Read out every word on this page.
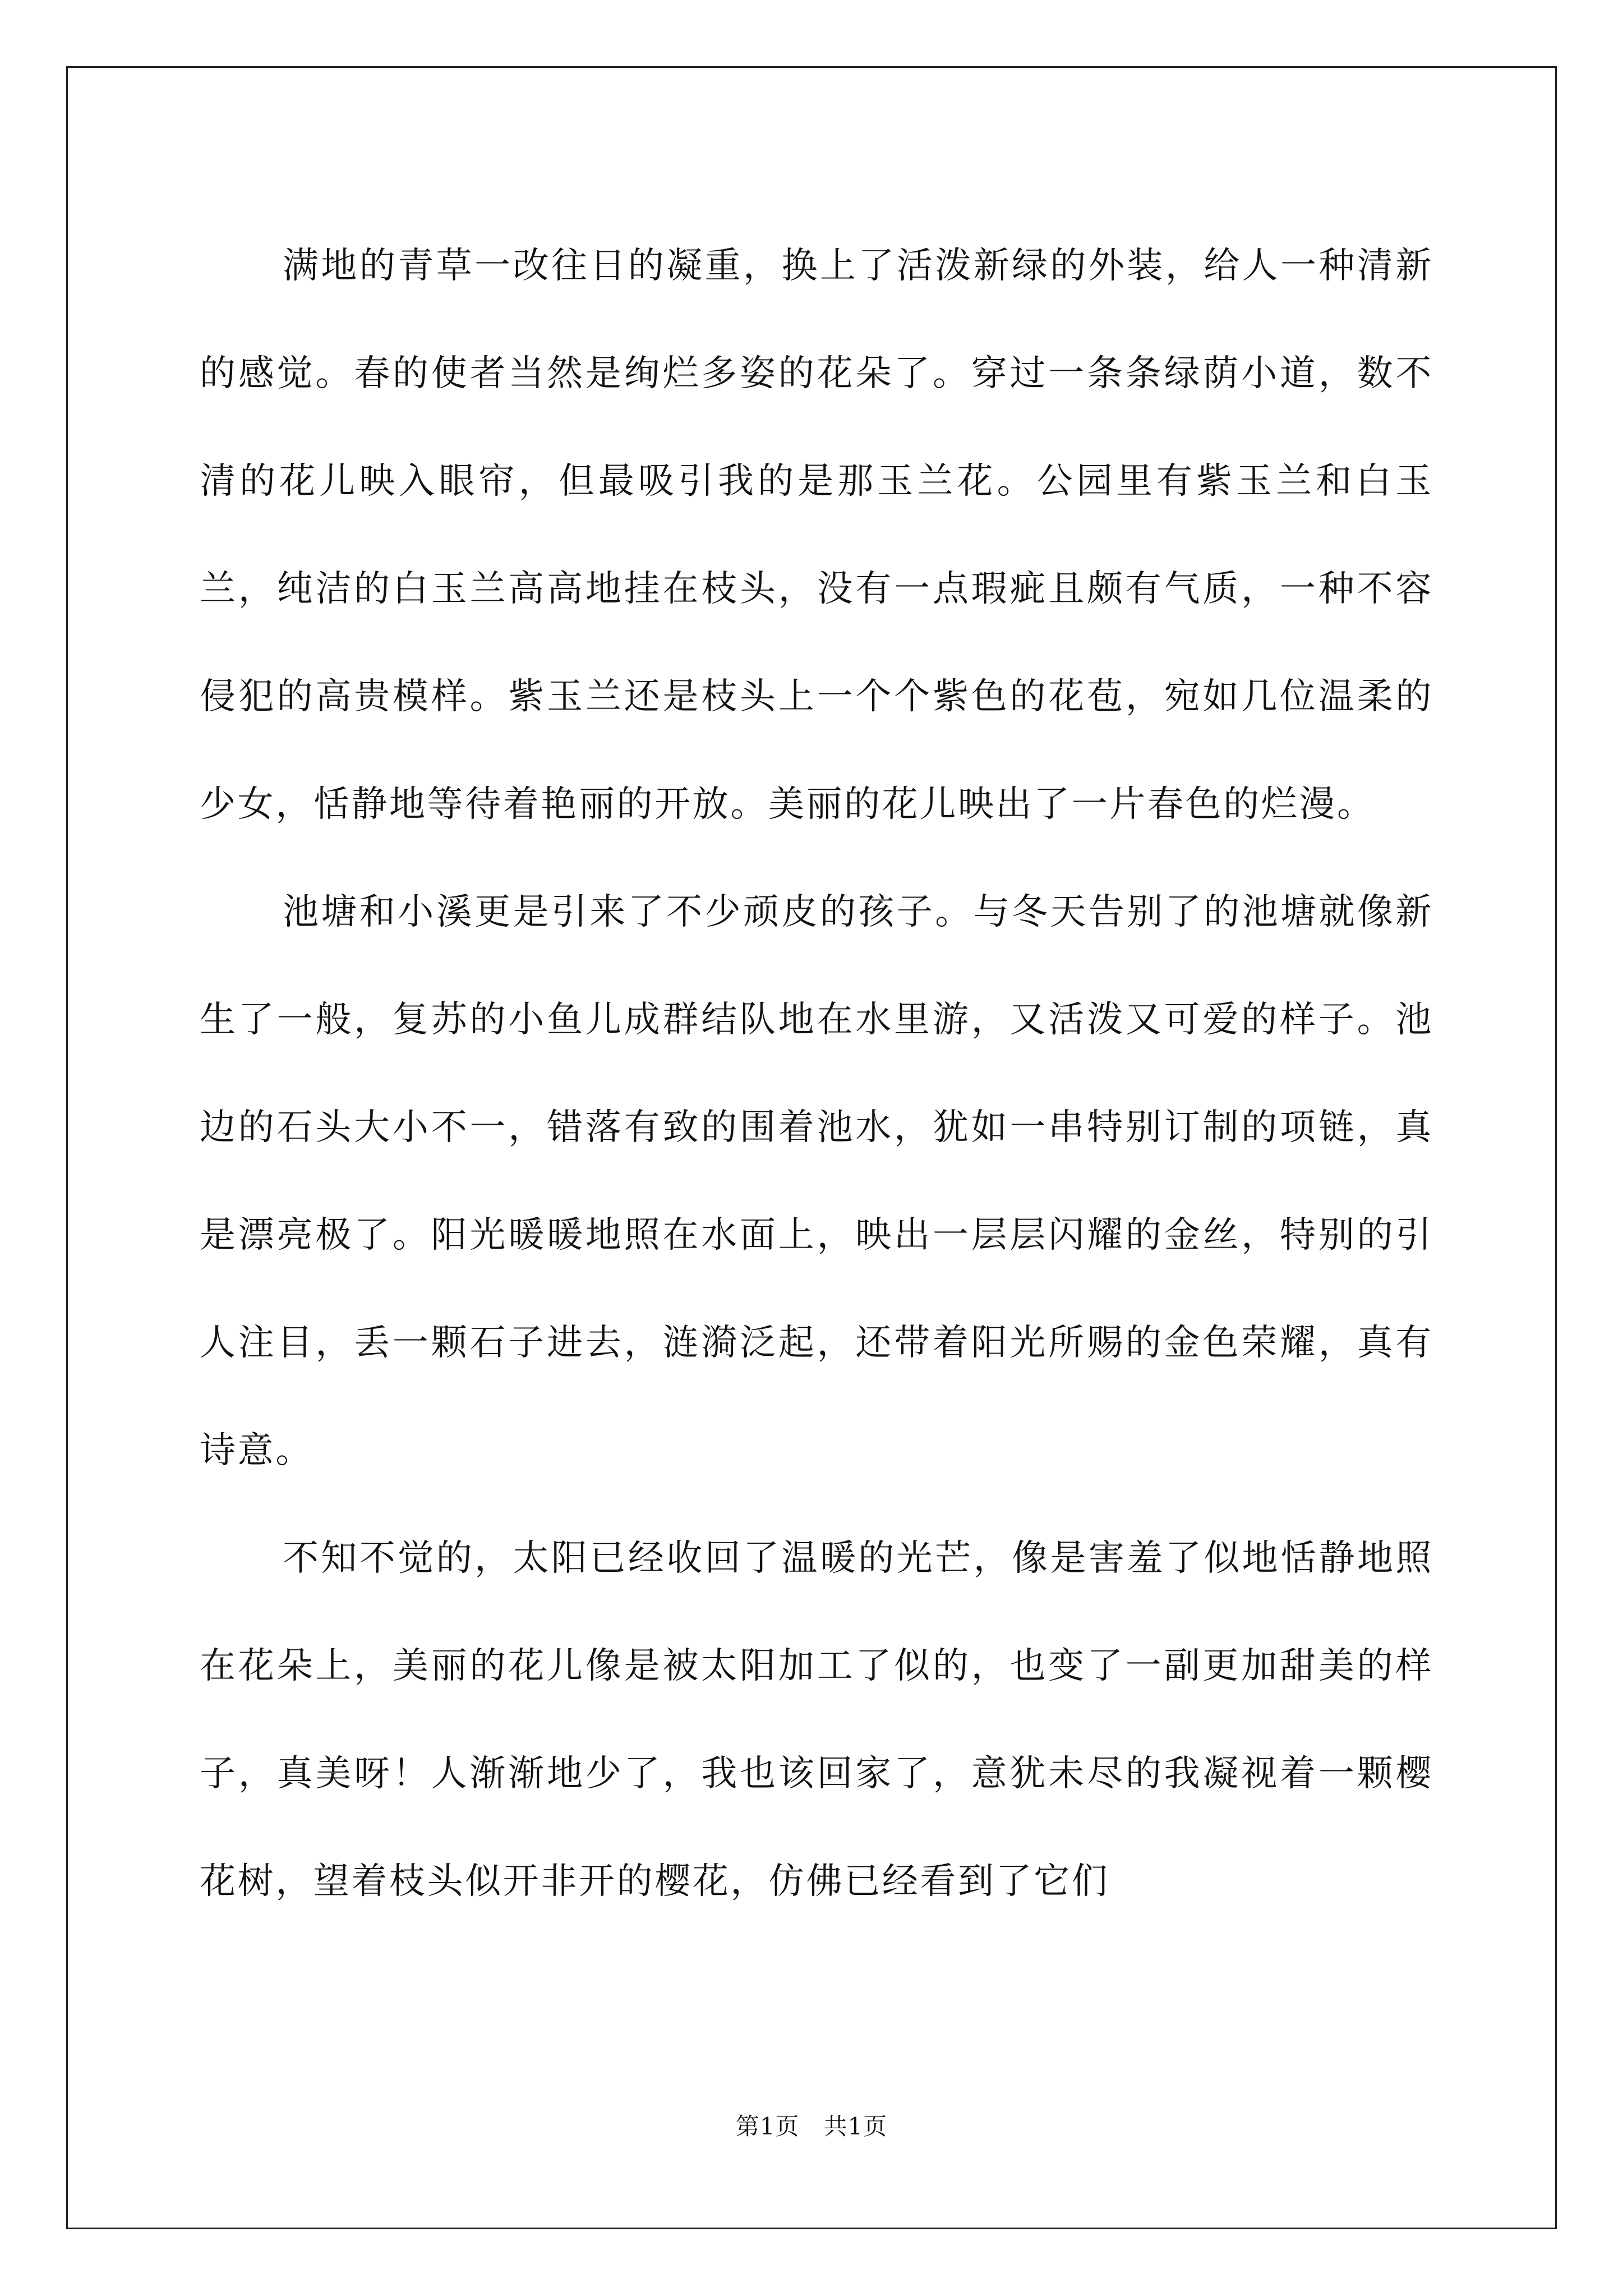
满地的青草一改往日的凝重，换上了活泼新绿的外装，给人一种清新的感觉。春的使者当然是绚烂多姿的花朵了。穿过一条条绿荫小道，数不清的花儿映入眼帘，但最吸引我的是那玉兰花。公园里有紫玉兰和白玉兰，纯洁的白玉兰高高地挂在枝头，没有一点瑕疵且颇有气质，一种不容侵犯的高贵模样。紫玉兰还是枝头上一个个紫色的花苞，宛如几位温柔的少女，恬静地等待着艳丽的开放。美丽的花儿映出了一片春色的烂漫。

池塘和小溪更是引来了不少顽皮的孩子。与冬天告别了的池塘就像新生了一般，复苏的小鱼儿成群结队地在水里游，又活泼又可爱的样子。池边的石头大小不一，错落有致的围着池水，犹如一串特别订制的项链，真是漂亮极了。阳光暖暖地照在水面上，映出一层层闪耀的金丝，特别的引人注目，丢一颗石子进去，涟漪泛起，还带着阳光所赐的金色荣耀，真有诗意。

不知不觉的，太阳已经收回了温暖的光芒，像是害羞了似地恬静地照在花朵上，美丽的花儿像是被太阳加工了似的，也变了一副更加甜美的样子，真美呀！人渐渐地少了，我也该回家了，意犹未尽的我凝视着一颗樱花树，望着枝头似开非开的樱花，仿佛已经看到了它们

第1页　共1页
